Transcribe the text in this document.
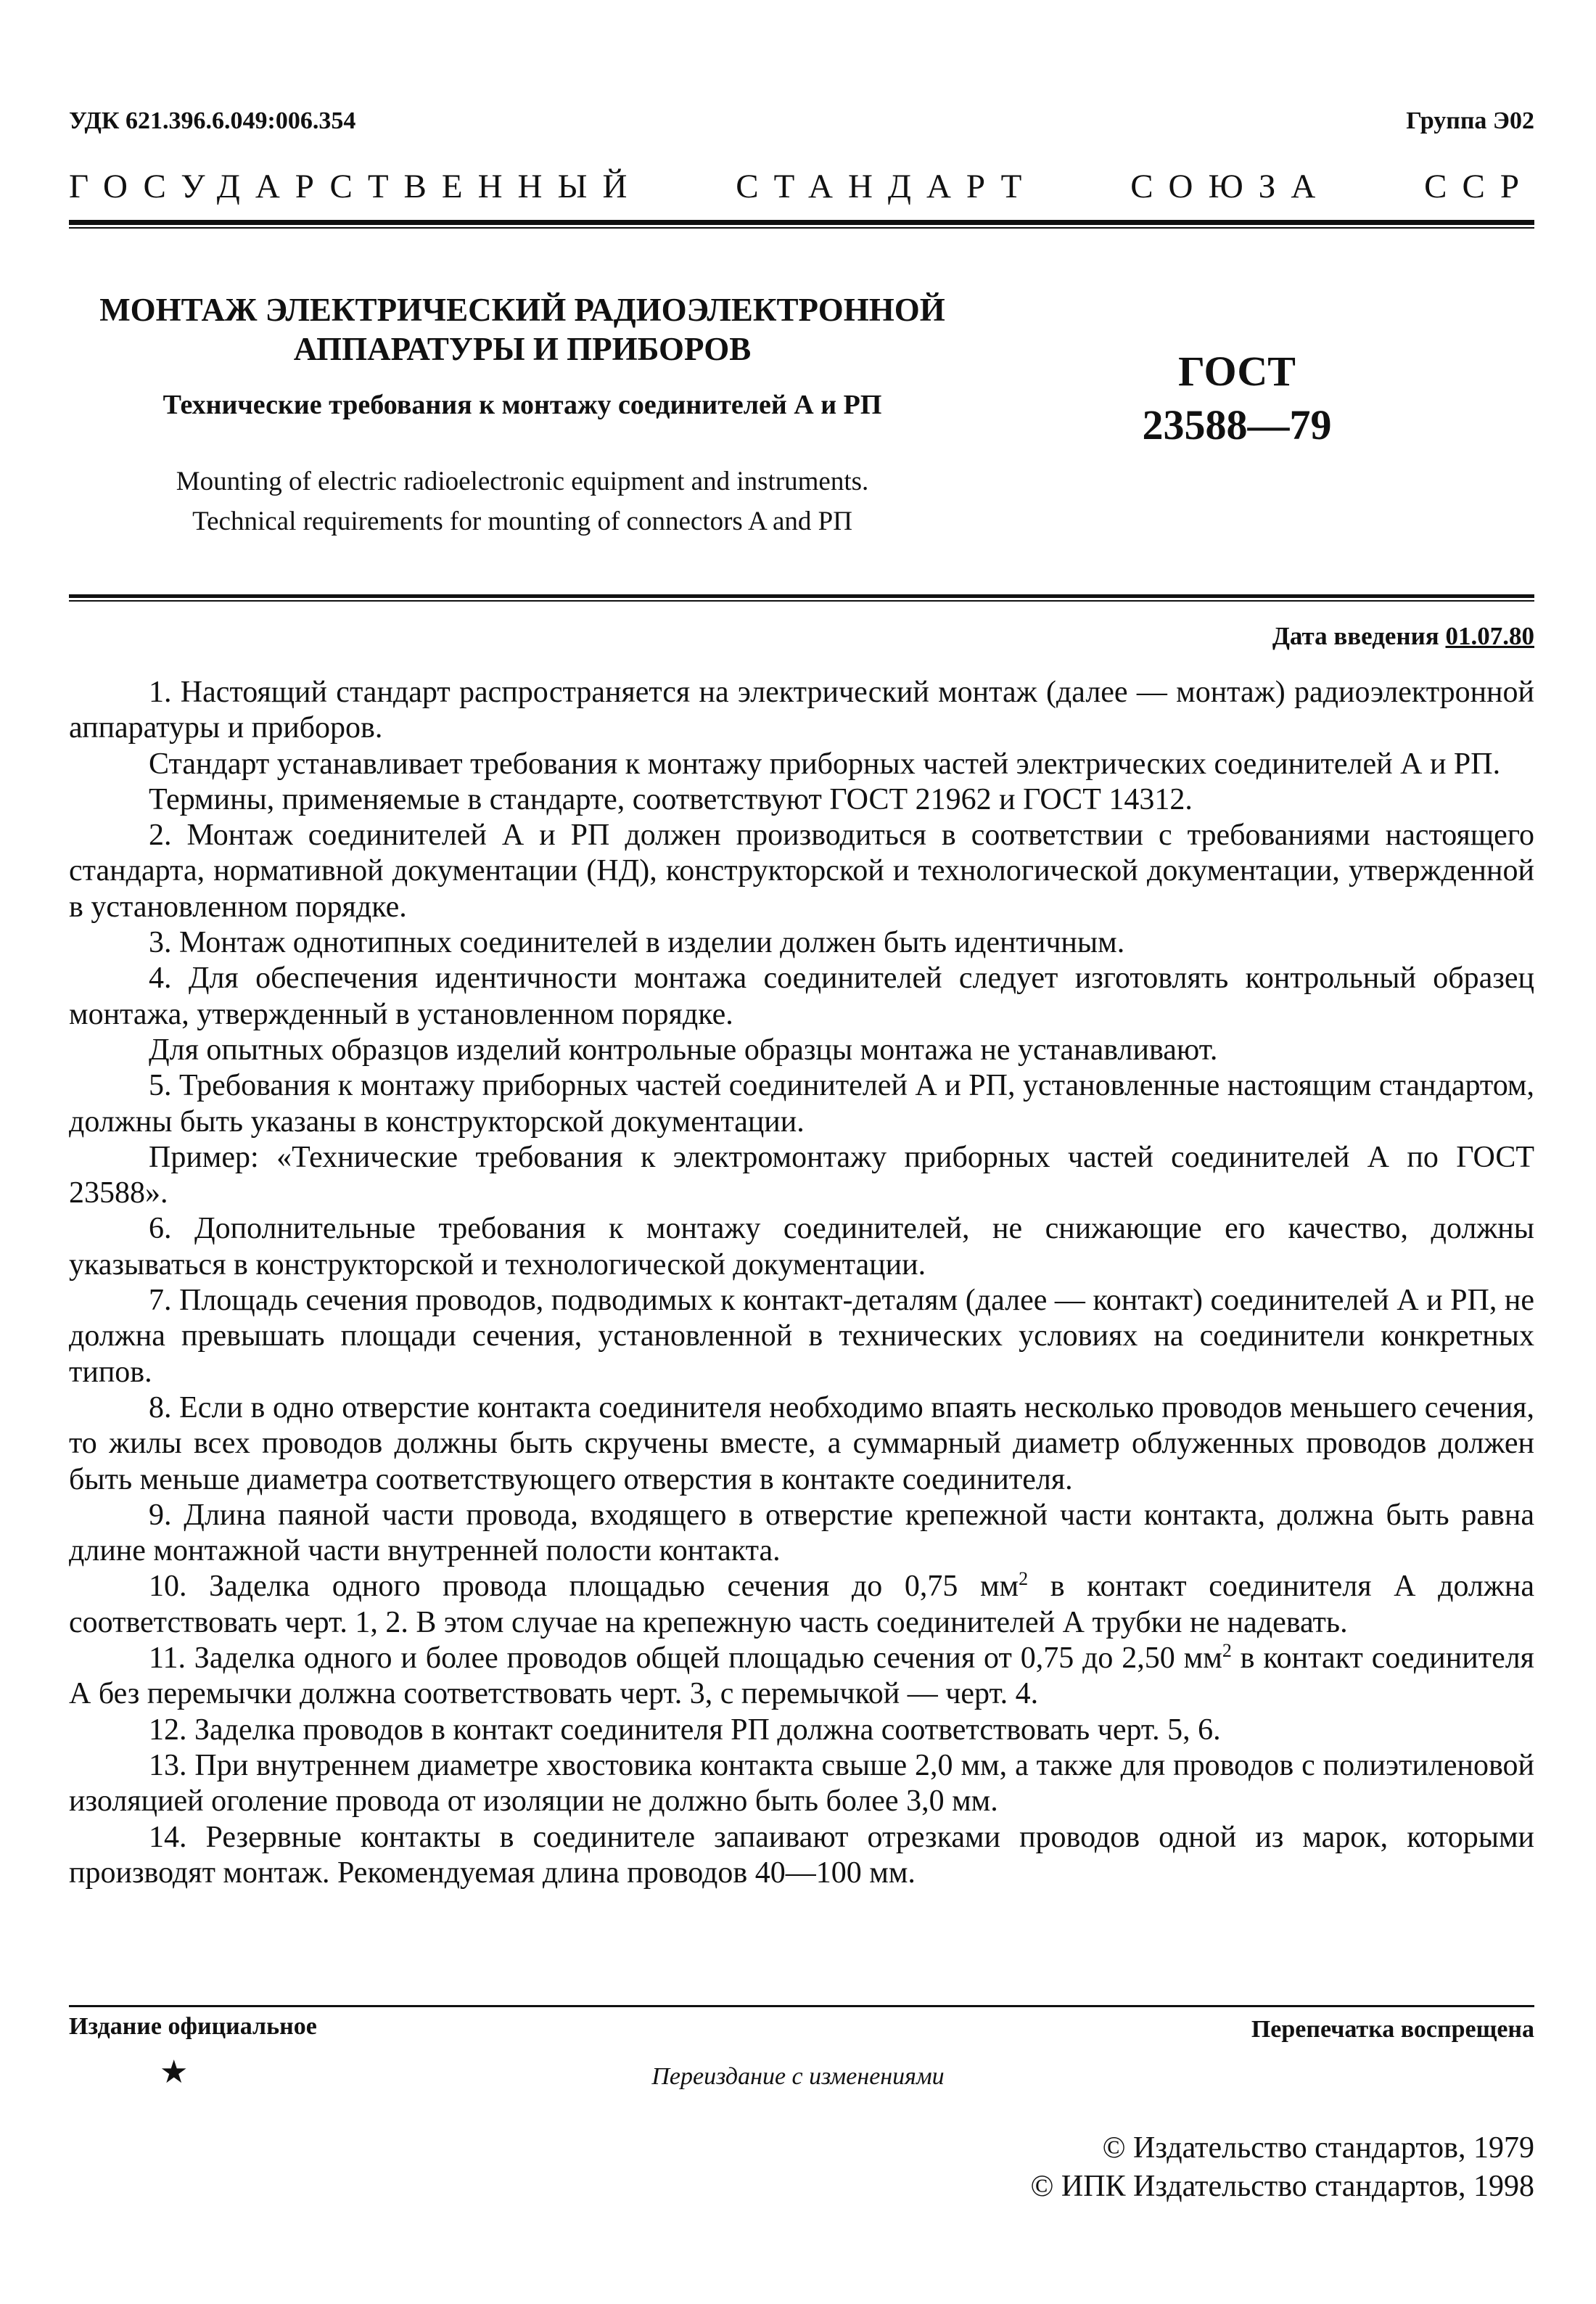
УДК 621.396.6.049:006.354	Группа Э02
ГОСУДАРСТВЕННЫЙ СТАНДАРТ СОЮЗА ССР
МОНТАЖ ЭЛЕКТРИЧЕСКИЙ РАДИОЭЛЕКТРОННОЙ
АППАРАТУРЫ И ПРИБОРОВ
Технические требования к монтажу соединителей А и РП
Mounting of electric radioelectronic equipment and instruments.
Technical requirements for mounting of connectors A and PП
ГОСТ
23588—79
Дата введения 01.07.80

1. Настоящий стандарт распространяется на электрический монтаж (далее — монтаж) радиоэлектронной аппаратуры и приборов.

Стандарт устанавливает требования к монтажу приборных частей электрических соединителей А и РП.

Термины, применяемые в стандарте, соответствуют ГОСТ 21962 и ГОСТ 14312.

2. Монтаж соединителей А и РП должен производиться в соответствии с требованиями настоящего стандарта, нормативной документации (НД), конструкторской и технологической документации, утвержденной в установленном порядке.

3. Монтаж однотипных соединителей в изделии должен быть идентичным.

4. Для обеспечения идентичности монтажа соединителей следует изготовлять контрольный образец монтажа, утвержденный в установленном порядке.

Для опытных образцов изделий контрольные образцы монтажа не устанавливают.

5. Требования к монтажу приборных частей соединителей А и РП, установленные настоящим стандартом, должны быть указаны в конструкторской документации.

Пример: «Технические требования к электромонтажу приборных частей соединителей А по ГОСТ 23588».

6. Дополнительные требования к монтажу соединителей, не снижающие его качество, должны указываться в конструкторской и технологической документации.

7. Площадь сечения проводов, подводимых к контакт-деталям (далее — контакт) соединителей А и РП, не должна превышать площади сечения, установленной в технических условиях на соединители конкретных типов.

8. Если в одно отверстие контакта соединителя необходимо впаять несколько проводов меньшего сечения, то жилы всех проводов должны быть скручены вместе, а суммарный диаметр облуженных проводов должен быть меньше диаметра соответствующего отверстия в контакте соединителя.

9. Длина паяной части провода, входящего в отверстие крепежной части контакта, должна быть равна длине монтажной части внутренней полости контакта.

10. Заделка одного провода площадью сечения до 0,75 $мм^2$ в контакт соединителя А должна соответствовать черт. 1, 2. В этом случае на крепежную часть соединителей А трубки не надевать.

11. Заделка одного и более проводов общей площадью сечения от 0,75 до 2,50 $мм^2$ в контакт соединителя А без перемычки должна соответствовать черт. 3, с перемычкой — черт. 4.

12. Заделка проводов в контакт соединителя РП должна соответствовать черт. 5, 6.

13. При внутреннем диаметре хвостовика контакта свыше 2,0 мм, а также для проводов с полиэтиленовой изоляцией оголение провода от изоляции не должно быть более 3,0 мм.

14. Резервные контакты в соединителе запаивают отрезками проводов одной из марок, которыми производят монтаж. Рекомендуемая длина проводов 40—100 мм.

Издание официальное	Перепечатка воспрещена
★	Переиздание с изменениями
© Издательство стандартов, 1979
© ИПК Издательство стандартов, 1998
